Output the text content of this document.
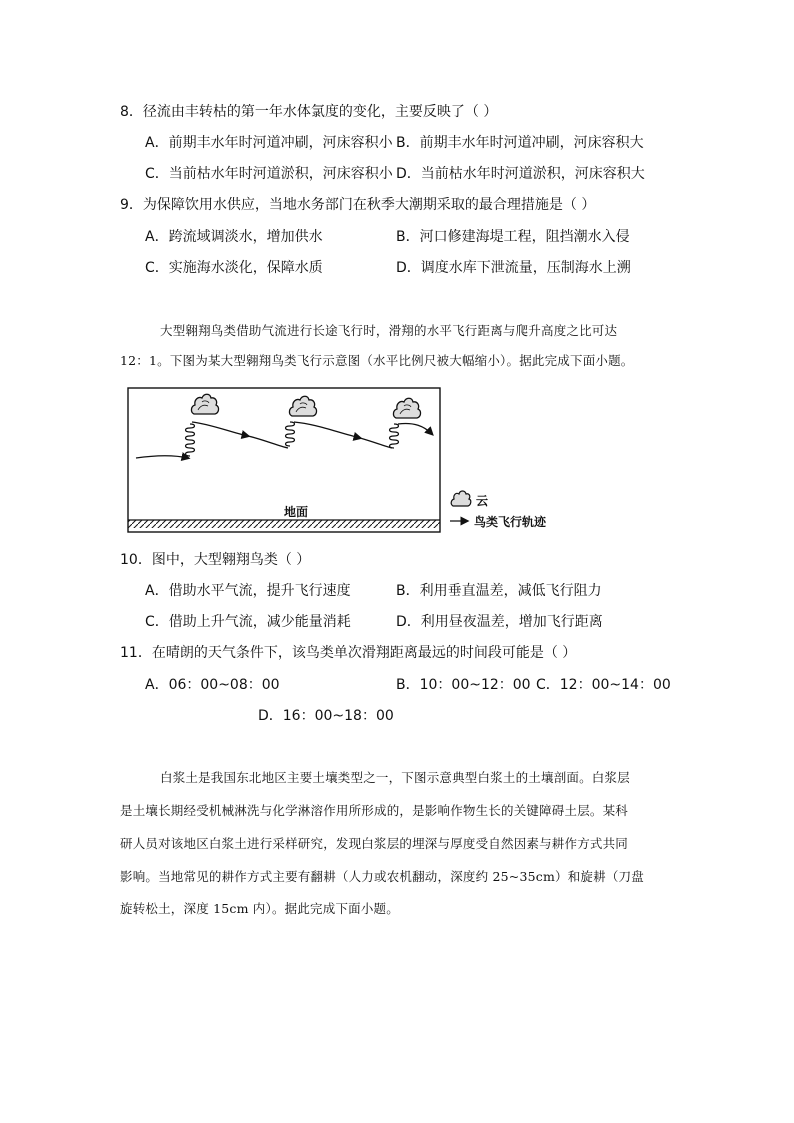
8．径流由丰转枯的第一年水体氯度的变化，主要反映了（ ）
A．前期丰水年时河道冲刷，河床容积小 B．前期丰水年时河道冲刷，河床容积大
C．当前枯水年时河道淤积，河床容积小 D．当前枯水年时河道淤积，河床容积大
9．为保障饮用水供应，当地水务部门在秋季大潮期采取的最合理措施是（ ）
A．跨流域调淡水，增加供水	B．河口修建海堤工程，阻挡潮水入侵
C．实施海水淡化，保障水质	D．调度水库下泄流量，压制海水上溯
大型翱翔鸟类借助气流进行长途飞行时，滑翔的水平飞行距离与爬升高度之比可达
12：1。下图为某大型翱翔鸟类飞行示意图（水平比例尺被大幅缩小）。据此完成下面小题。
地面
云
鸟类飞行轨迹
10．图中，大型翱翔鸟类（ ）
A．借助水平气流，提升飞行速度	B．利用垂直温差，减低飞行阻力
C．借助上升气流，减少能量消耗	D．利用昼夜温差，增加飞行距离
11．在晴朗的天气条件下，该鸟类单次滑翔距离最远的时间段可能是（ ）
A．06：00~08：00	B．10：00~12：00 C．12：00~14：00
D．16：00~18：00
白浆土是我国东北地区主要土壤类型之一，下图示意典型白浆土的土壤剖面。白浆层
是土壤长期经受机械淋洗与化学淋溶作用所形成的，是影响作物生长的关键障碍土层。某科
研人员对该地区白浆土进行采样研究，发现白浆层的埋深与厚度受自然因素与耕作方式共同
影响。当地常见的耕作方式主要有翻耕（人力或农机翻动，深度约 25~35cm）和旋耕（刀盘
旋转松土，深度 15cm 内）。据此完成下面小题。
